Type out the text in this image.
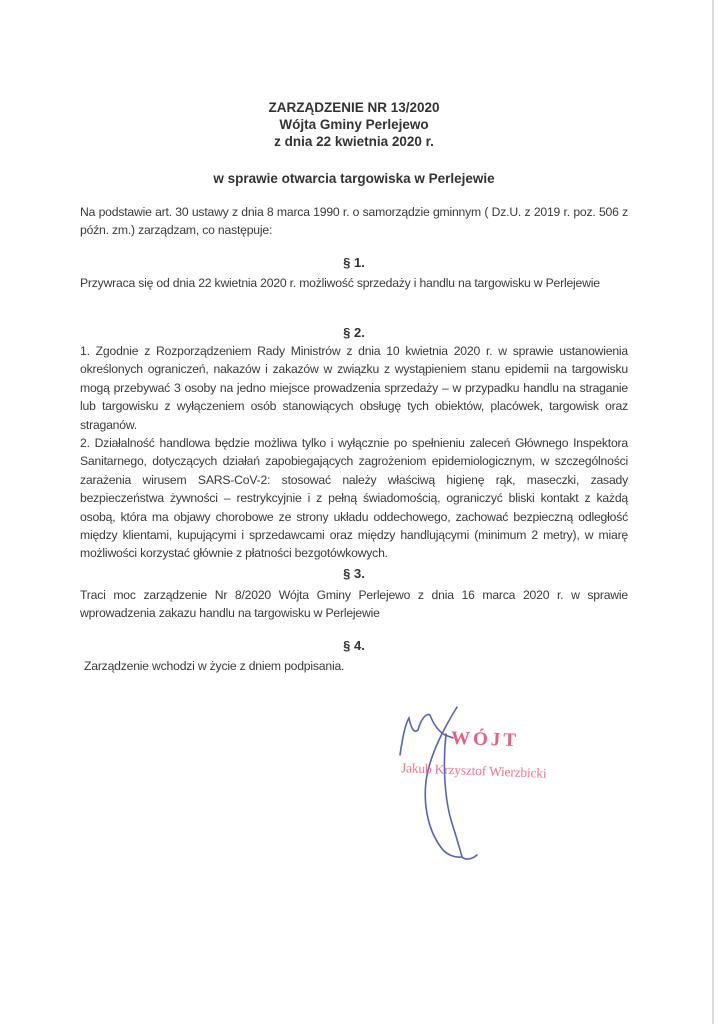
ZARZĄDZENIE NR 13/2020
Wójta Gminy Perlejewo
z dnia 22 kwietnia 2020 r.
w sprawie otwarcia targowiska w Perlejewie
Na podstawie art. 30 ustawy z dnia 8 marca 1990 r. o samorządzie gminnym ( Dz.U. z 2019 r. poz. 506 z późn. zm.) zarządzam, co następuje:
§ 1.
Przywraca się od dnia 22 kwietnia 2020 r. możliwość sprzedaży i handlu na targowisku w Perlejewie
§ 2.

1. Zgodnie z Rozporządzeniem Rady Ministrów z dnia 10 kwietnia 2020 r. w sprawie ustanowienia określonych ograniczeń, nakazów i zakazów w związku z wystąpieniem stanu epidemii na targowisku mogą przebywać 3 osoby na jedno miejsce prowadzenia sprzedaży – w przypadku handlu na straganie lub targowisku z wyłączeniem osób stanowiących obsługę tych obiektów, placówek, targowisk oraz straganów.

2. Działalność handlowa będzie możliwa tylko i wyłącznie po spełnieniu zaleceń Głównego Inspektora Sanitarnego, dotyczących działań zapobiegających zagrożeniom epidemiologicznym, w szczególności zarażenia wirusem SARS-CoV-2: stosować należy właściwą higienę rąk, maseczki, zasady bezpieczeństwa żywności – restrykcyjnie i z pełną świadomością, ograniczyć bliski kontakt z każdą osobą, która ma objawy chorobowe ze strony układu oddechowego, zachować bezpieczną odległość między klientami, kupującymi i sprzedawcami oraz między handlującymi (minimum 2 metry), w miarę możliwości korzystać głównie z płatności bezgotówkowych.

§ 3.
Traci moc zarządzenie Nr 8/2020 Wójta Gminy Perlejewo z dnia 16 marca 2020 r. w sprawie wprowadzenia zakazu handlu na targowisku w Perlejewie
§ 4.
Zarządzenie wchodzi w życie z dniem podpisania.
WÓJT
Jakub Krzysztof Wierzbicki
